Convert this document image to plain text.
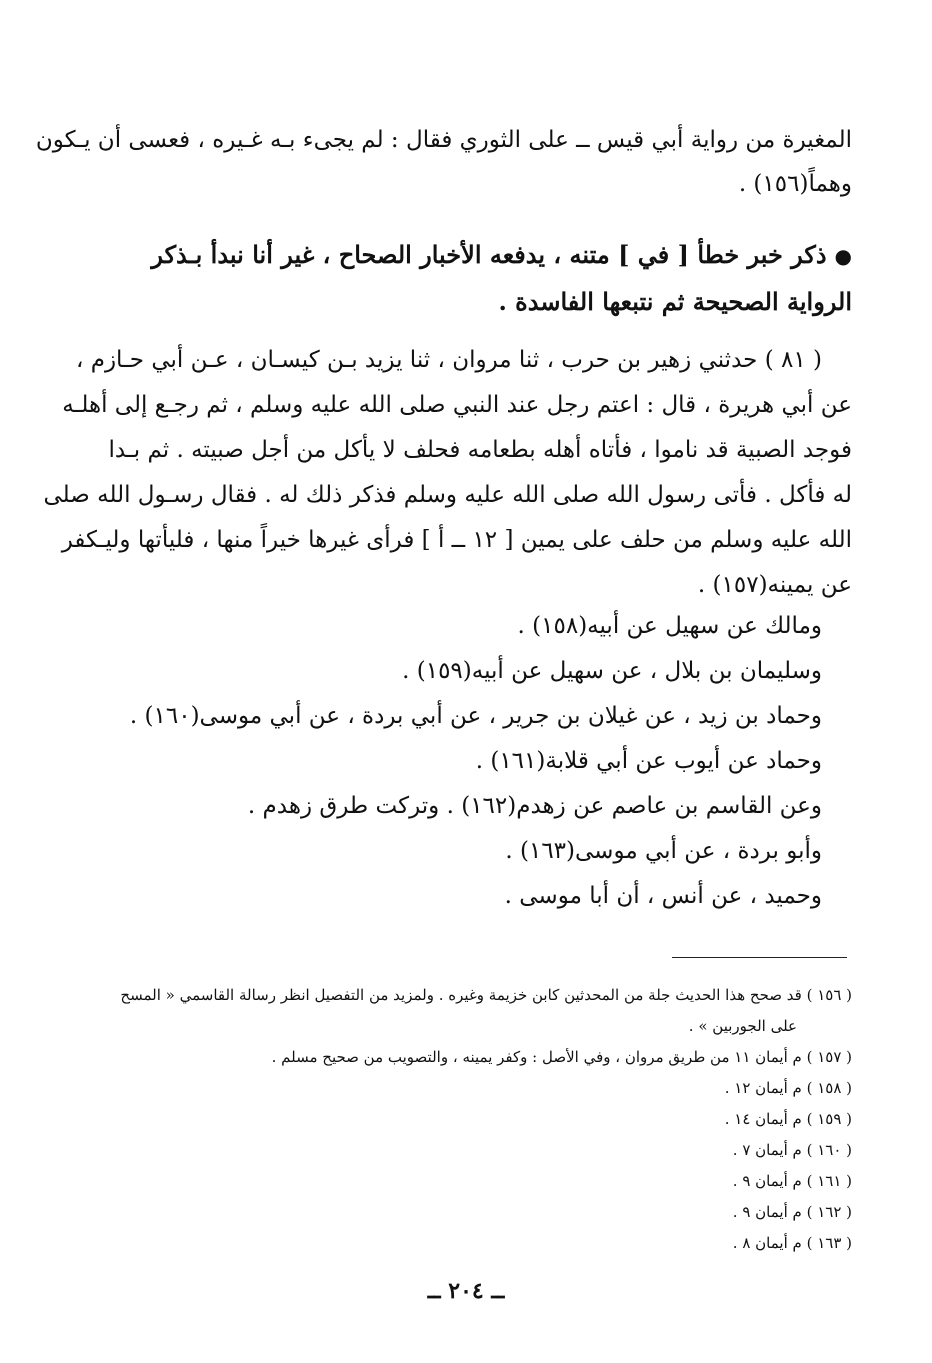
المغيرة من رواية أبي قيس ــ على الثوري فقال : لم يجىء بـه غـيره ، فعسى أن يـكون
وهماً(١٥٦) .
●ذكر خبر خطأ [ في ] متنه ، يدفعه الأخبار الصحاح ، غير أنا نبدأ بـذكر
الرواية الصحيحة ثم نتبعها الفاسدة .
( ٨١ ) حدثني زهير بن حرب ، ثنا مروان ، ثنا يزيد بـن كيسـان ، عـن أبي حـازم ،
عن أبي هريرة ، قال : اعتم رجل عند النبي صلى الله عليه وسلم ، ثم رجـع إلى أهلـه
فوجد الصبية قد ناموا ، فأتاه أهله بطعامه فحلف لا يأكل من أجل صبيته . ثم بـدا
له فأكل . فأتى رسول الله صلى الله عليه وسلم فذكر ذلك له . فقال رسـول الله صلى
الله عليه وسلم من حلف على يمين [ ١٢ ــ أ ] فرأى غيرها خيراً منها ، فليأتها وليـكفر
عن يمينه(١٥٧) .
ومالك عن سهيل عن أبيه(١٥٨) .
وسليمان بن بلال ، عن سهيل عن أبيه(١٥٩) .
وحماد بن زيد ، عن غيلان بن جرير ، عن أبي بردة ، عن أبي موسى(١٦٠) .
وحماد عن أيوب عن أبي قلابة(١٦١) .
وعن القاسم بن عاصم عن زهدم(١٦٢) . وتركت طرق زهدم .
وأبو بردة ، عن أبي موسى(١٦٣) .
وحميد ، عن أنس ، أن أبا موسى .
( ١٥٦ ) قد صحح هذا الحديث جلة من المحدثين كابن خزيمة وغيره . ولمزيد من التفصيل انظر رسالة القاسمي « المسح
على الجوربين » .
( ١٥٧ ) م أيمان ١١ من طريق مروان ، وفي الأصل : وكفر يمينه ، والتصويب من صحيح مسلم .
( ١٥٨ ) م أيمان ١٢ .
( ١٥٩ ) م أيمان ١٤ .
( ١٦٠ ) م أيمان ٧ .
( ١٦١ ) م أيمان ٩ .
( ١٦٢ ) م أيمان ٩ .
( ١٦٣ ) م أيمان ٨ .
ــ ٢٠٤ ــ
